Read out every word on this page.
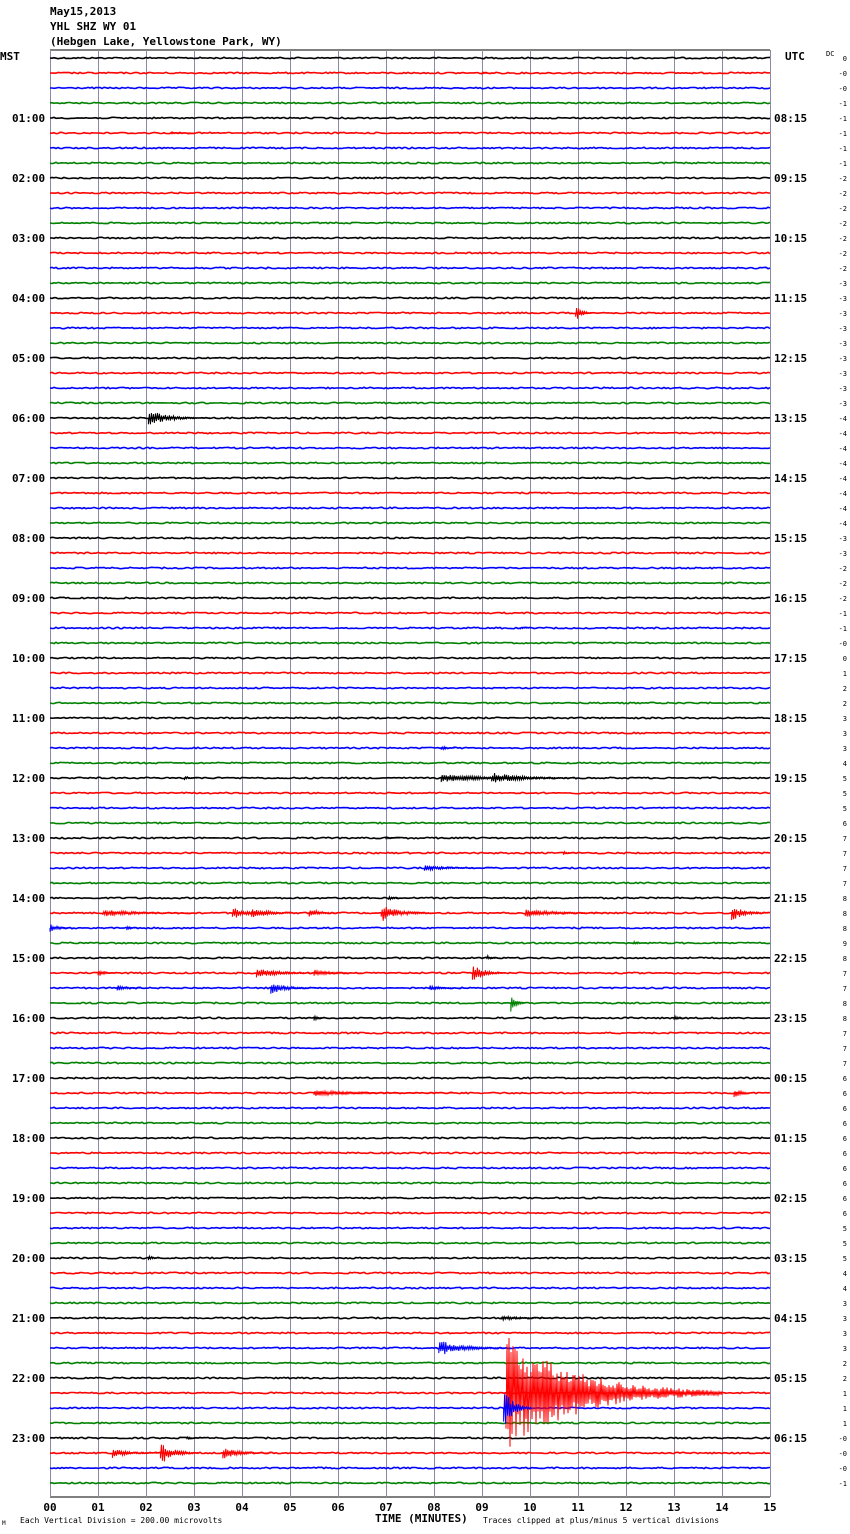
01:00
02:00
03:00
04:00
05:00
06:00
07:00
08:00
09:00
10:00
11:00
12:00
13:00
14:00
15:00
16:00
17:00
18:00
19:00
20:00
21:00
22:00
23:00
08:15
09:15
10:15
11:15
12:15
13:15
14:15
15:15
16:15
17:15
18:15
19:15
20:15
21:15
22:15
23:15
00:15
01:15
02:15
03:15
04:15
05:15
06:15
0
-0
-0
-1
-1
-1
-1
-1
-2
-2
-2
-2
-2
-2
-2
-3
-3
-3
-3
-3
-3
-3
-3
-3
-4
-4
-4
-4
-4
-4
-4
-4
-3
-3
-2
-2
-2
-1
-1
-0
0
1
2
2
3
3
3
4
5
5
5
6
7
7
7
7
8
8
8
9
8
7
7
8
8
7
7
7
6
6
6
6
6
6
6
6
6
6
5
5
5
4
4
3
3
3
3
2
2
1
1
1
-0
-0
-0
-1
00	01	02	03	04	05	06	07	08	09	10	11	12	13	14	15
May15,2013
YHL SHZ WY 01
(Hebgen Lake, Yellowstone Park, WY)
MST	UTC	DC
TIME (MINUTES)
Each Vertical Division = 200.00 microvolts	Traces clipped at plus/minus 5 vertical divisions
M
